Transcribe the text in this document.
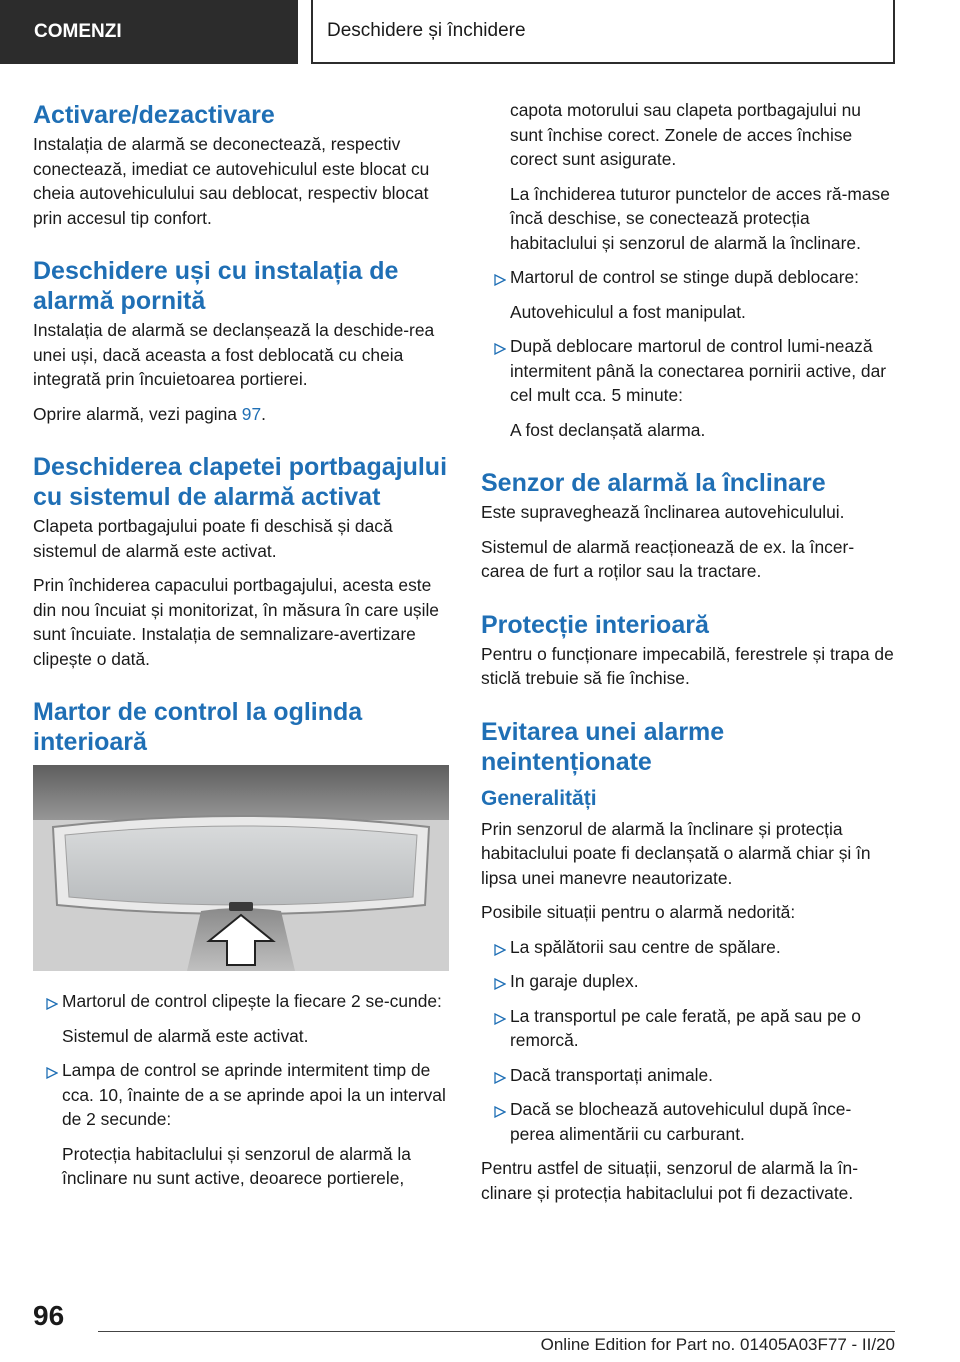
COMENZI	Deschidere și închidere
Activare/dezactivare

Instalația de alarmă se deconectează, respectiv conectează, imediat ce autovehiculul este blocat cu cheia autovehiculului sau deblocat, respectiv blocat prin accesul tip confort.

Deschidere uși cu instalația de alarmă pornită

Instalația de alarmă se declanșează la deschide-rea unei uși, dacă aceasta a fost deblocată cu cheia integrată prin încuietoarea portierei.

Oprire alarmă, vezi pagina 97.

Deschiderea clapetei portbagajului cu sistemul de alarmă activat

Clapeta portbagajului poate fi deschisă și dacă sistemul de alarmă este activat.

Prin închiderea capacului portbagajului, acesta este din nou încuiat și monitorizat, în măsura în care ușile sunt încuiate. Instalația de semnalizare-avertizare clipește o dată.

Martor de control la oglinda interioară
Martorul de control clipește la fiecare 2 se-cunde:

Sistemul de alarmă este activat.

Lampa de control se aprinde intermitent timp de cca. 10, înainte de a se aprinde apoi la un interval de 2 secunde:

Protecția habitaclului și senzorul de alarmă la înclinare nu sunt active, deoarece portierele,

capota motorului sau clapeta portbagajului nu sunt închise corect. Zonele de acces închise corect sunt asigurate.

La închiderea tuturor punctelor de acces ră-mase încă deschise, se conectează protecția habitaclului și senzorul de alarmă la înclinare.

Martorul de control se stinge după deblocare:

Autovehiculul a fost manipulat.

După deblocare martorul de control lumi-nează intermitent până la conectarea pornirii active, dar cel mult cca. 5 minute:

A fost declanșată alarma.

Senzor de alarmă la înclinare

Este supraveghează înclinarea autovehiculului.

Sistemul de alarmă reacționează de ex. la încer-carea de furt a roților sau la tractare.

Protecție interioară

Pentru o funcționare impecabilă, ferestrele și trapa de sticlă trebuie să fie închise.

Evitarea unei alarme neintenționate
Generalități

Prin senzorul de alarmă la înclinare și protecția habitaclului poate fi declanșată o alarmă chiar și în lipsa unei manevre neautorizate.

Posibile situații pentru o alarmă nedorită:

La spălătorii sau centre de spălare.
In garaje duplex.
La transportul pe cale ferată, pe apă sau pe o remorcă.
Dacă transportați animale.
Dacă se blochează autovehiculul după înce-perea alimentării cu carburant.

Pentru astfel de situații, senzorul de alarmă la în-clinare și protecția habitaclului pot fi dezactivate.

96
Online Edition for Part no. 01405A03F77 - II/20
